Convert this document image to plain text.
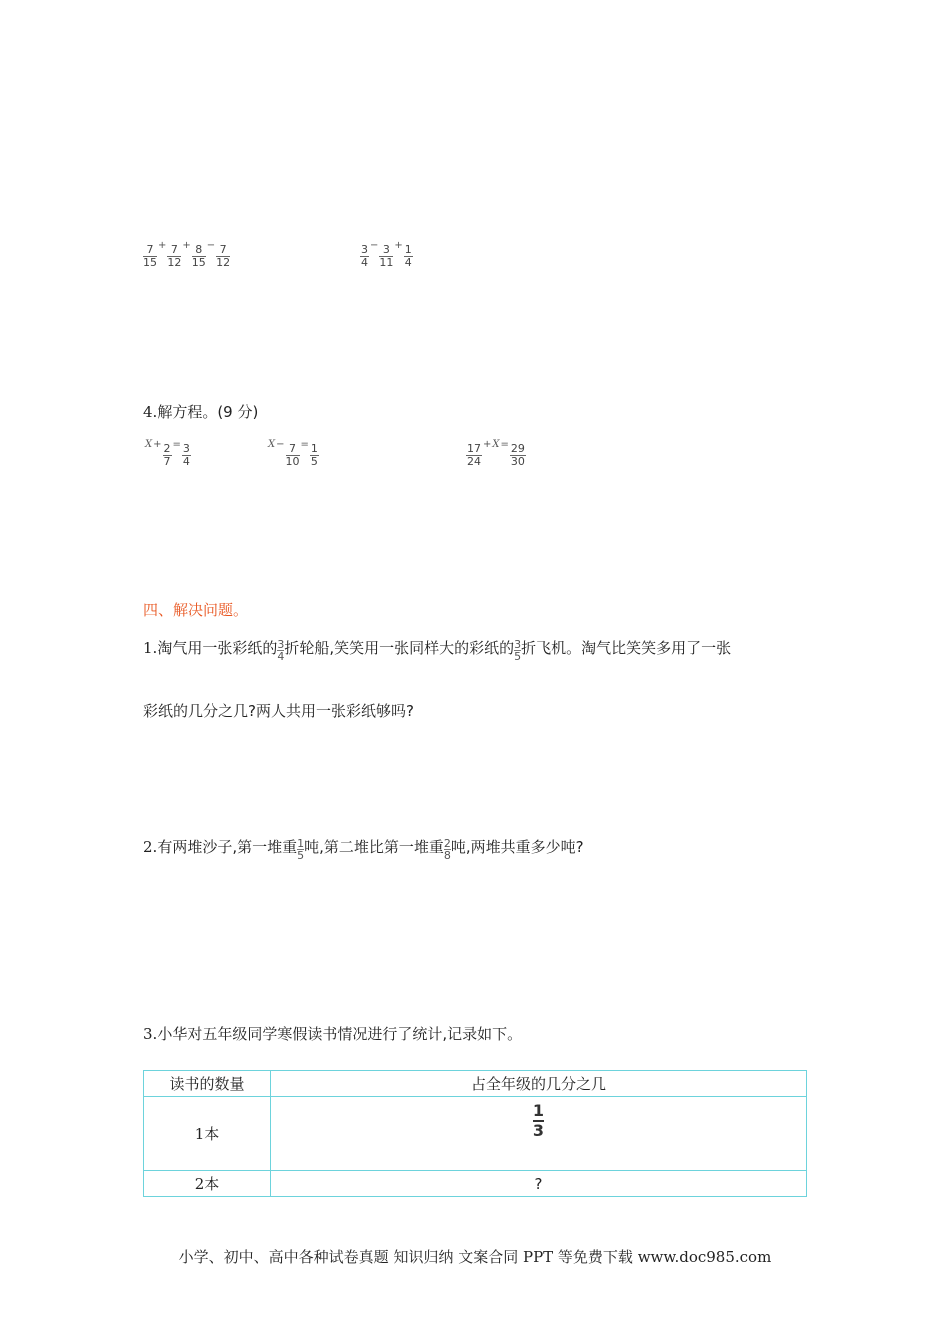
$\frac{7}{15} ^+ \frac{7}{12} ^+ \frac{8}{15} ^- \frac{7}{12}$	$\frac{3}{4} ^- \frac{3}{11} ^+ \frac{1}{4}$
4.解方程。(9 分)
$^{X+} \frac{2}{7} ^= \frac{3}{4}$	$^{X-} \frac{7}{10} ^= \frac{1}{5}$	$\frac{17}{24} ^{+X=} \frac{29}{30}$
四、解决问题。
1.淘气用一张彩纸的 $\frac{3}{4}$ 折轮船,笑笑用一张同样大的彩纸的 $\frac{3}{5}$ 折飞机。淘气比笑笑多用了一张
彩纸的几分之几?两人共用一张彩纸够吗?
2.有两堆沙子,第一堆重 $\frac{1}{5}$ 吨,第二堆比第一堆重 $\frac{2}{8}$ 吨,两堆共重多少吨?
3.小华对五年级同学寒假读书情况进行了统计,记录如下。
读书的数量	占全年级的几分之几
1本	$\frac{1}{3}$

2本	?
小学、初中、高中各种试卷真题 知识归纳 文案合同 PPT 等免费下载 www.doc985.com
